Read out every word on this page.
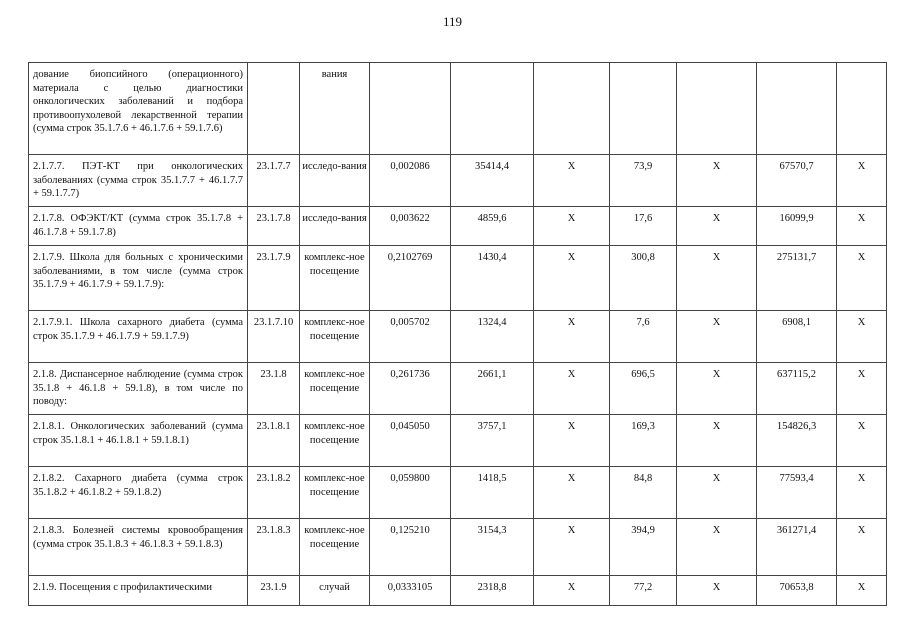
119
дование биопсийного (операционного) материала с целью диагностики онкологических заболеваний и подбора противоопухолевой лекарственной терапии (сумма строк 35.1.7.6 + 46.1.7.6 + 59.1.7.6)		вания							
2.1.7.7. ПЭТ-КТ при онкологических заболеваниях (сумма строк 35.1.7.7 + 46.1.7.7 + 59.1.7.7)	23.1.7.7	исследо-вания	0,002086	35414,4	X	73,9	X	67570,7	X
2.1.7.8. ОФЭКТ/КТ (сумма строк 35.1.7.8 + 46.1.7.8 + 59.1.7.8)	23.1.7.8	исследо-вания	0,003622	4859,6	X	17,6	X	16099,9	X
2.1.7.9. Школа для больных с хроническими заболеваниями, в том числе (сумма строк 35.1.7.9 + 46.1.7.9 + 59.1.7.9):	23.1.7.9	комплекс-ное посещение	0,2102769	1430,4	X	300,8	X	275131,7	X
2.1.7.9.1. Школа сахарного диабета (сумма строк 35.1.7.9 + 46.1.7.9 + 59.1.7.9)	23.1.7.10	комплекс-ное посещение	0,005702	1324,4	X	7,6	X	6908,1	X
2.1.8. Диспансерное наблюдение (сумма строк 35.1.8 + 46.1.8 + 59.1.8), в том числе по поводу:	23.1.8	комплекс-ное посещение	0,261736	2661,1	X	696,5	X	637115,2	X
2.1.8.1. Онкологических заболеваний (сумма строк 35.1.8.1 + 46.1.8.1 + 59.1.8.1)	23.1.8.1	комплекс-ное посещение	0,045050	3757,1	X	169,3	X	154826,3	X
2.1.8.2. Сахарного диабета (сумма строк 35.1.8.2 + 46.1.8.2 + 59.1.8.2)	23.1.8.2	комплекс-ное посещение	0,059800	1418,5	X	84,8	X	77593,4	X
2.1.8.3. Болезней системы кровообращения (сумма строк 35.1.8.3 + 46.1.8.3 + 59.1.8.3)	23.1.8.3	комплекс-ное посещение	0,125210	3154,3	X	394,9	X	361271,4	X
2.1.9. Посещения с профилактическими	23.1.9	случай	0,0333105	2318,8	X	77,2	X	70653,8	X
